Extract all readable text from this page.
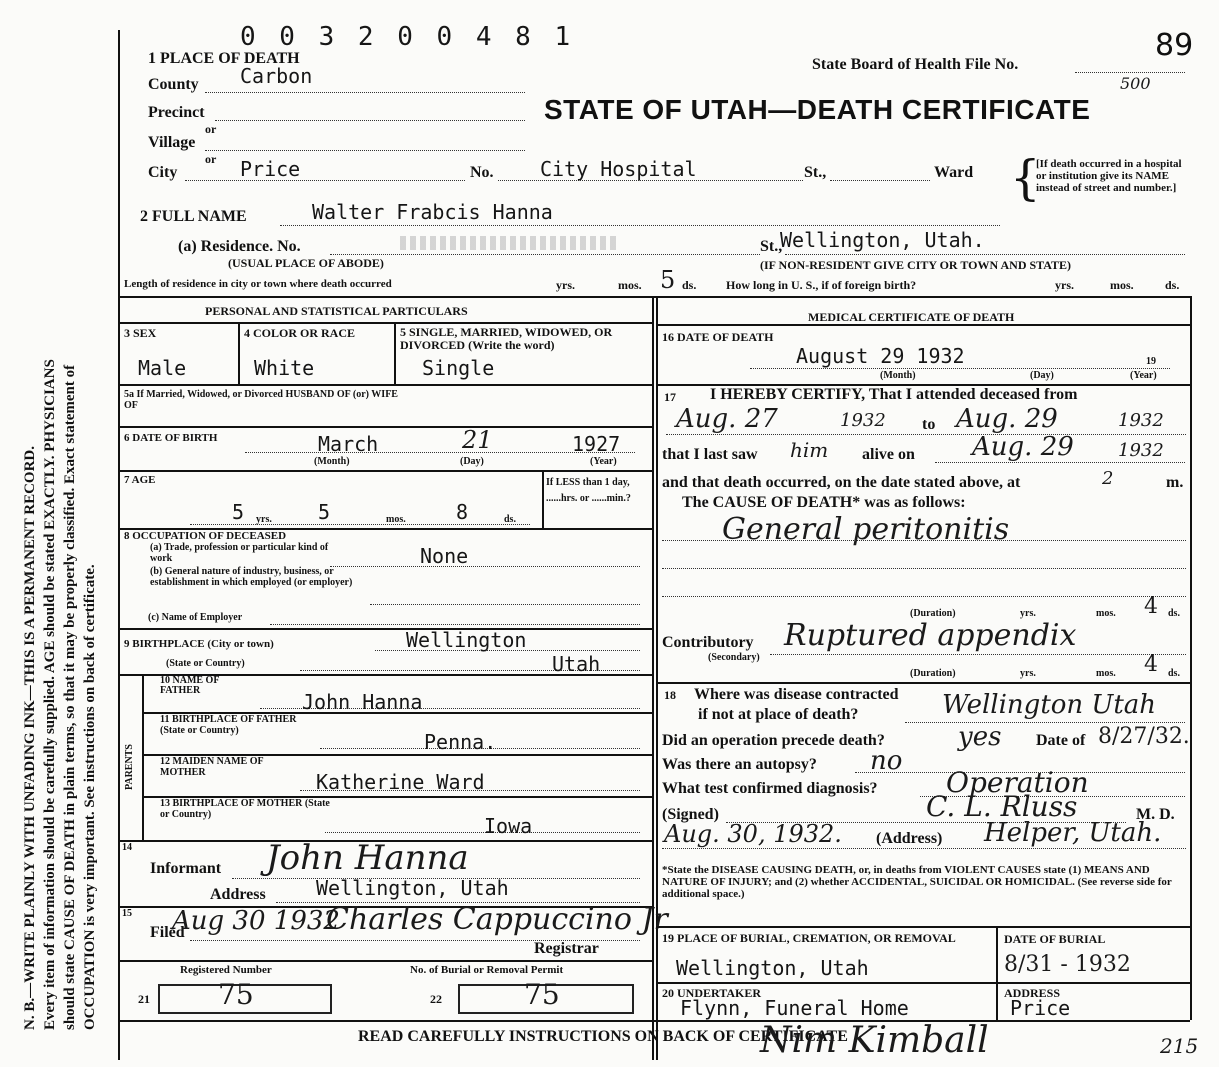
N. B.—WRITE PLAINLY WITH UNFADING INK—THIS IS A PERMANENT RECORD. Every item of information should be carefully supplied. AGE should be stated EXACTLY. PHYSICIANS should state CAUSE OF DEATH in plain terms, so that it may be properly classified. Exact statement of OCCUPATION is very important. See instructions on back of certificate.
0 0 3 2 0 0 4 8 1	89
State Board of Health File No.
500
STATE OF UTAH—DEATH CERTIFICATE
1 PLACE OF DEATH
County Carbon
Precinct
or
Village
or
City	Price	No. City Hospital	St.,	Ward {
[If death occurred in a hospital or institution give its NAME instead of street and number.]
2 FULL NAME	Walter Frabcis Hanna
(a) Residence. No.
(USUAL PLACE OF ABODE)
St.,
Wellington, Utah.
(IF NON-RESIDENT GIVE CITY OR TOWN AND STATE)
Length of residence in city or town where death occurred	yrs.	mos. 5 ds. How long in U. S., if of foreign birth?	yrs.	mos.	ds.
PERSONAL AND STATISTICAL PARTICULARS
3 SEX
Male
4 COLOR OR RACE
White
5 SINGLE, MARRIED, WIDOWED, OR DIVORCED (Write the word)
Single
5a If Married, Widowed, or Divorced HUSBAND OF (or) WIFE OF
6 DATE OF BIRTH	March	21	1927
(Month)	(Day)	(Year)
7 AGE
5 yrs. 5	mos.	8	ds.
If LESS than 1 day, ......hrs. or ......min.?
8 OCCUPATION OF DECEASED
(a) Trade, profession or particular kind of work
(b) General nature of industry, business, or establishment in which employed (or employer)
None
(c) Name of Employer
9 BIRTHPLACE (City or town)	Wellington
(State or Country)	Utah
PARENTS
10 NAME OF FATHER	John Hanna
11 BIRTHPLACE OF FATHER (State or Country)	Penna.
12 MAIDEN NAME OF MOTHER	Katherine Ward
13 BIRTHPLACE OF MOTHER (State or Country)	Iowa
14
Informant John Hanna
Address	Wellington, Utah
15
Filed
Aug 30 1932
Charles Cappuccino Jr
Registrar
Registered Number	No. of Burial or Removal Permit
21 75	22	75
MEDICAL CERTIFICATE OF DEATH
16 DATE OF DEATH
August 29 1932	19
(Month)	(Day)	(Year)
17 I HEREBY CERTIFY, That I attended deceased from
Aug. 27	1932 to Aug. 29	1932
that I last saw him alive on Aug. 29 1932
and that death occurred, on the date stated above, at	2	m.
The CAUSE OF DEATH* was as follows:
General peritonitis
(Duration)	yrs.	mos. 4 ds.
Contributory
(Secondary)
Ruptured appendix
(Duration)	yrs.	mos. 4 ds.
18 Where was disease contracted
if not at place of death?	Wellington Utah
Did an operation precede death?	yes Date of 8/27/32.
Was there an autopsy? no
What test confirmed diagnosis? Operation
(Signed)	C. L. Rluss	M. D.
Aug. 30, 1932. (Address) Helper, Utah.
*State the DISEASE CAUSING DEATH, or, in deaths from VIOLENT CAUSES state (1) MEANS AND NATURE OF INJURY; and (2) whether ACCIDENTAL, SUICIDAL OR HOMICIDAL. (See reverse side for additional space.)
19 PLACE OF BURIAL, CREMATION, OR REMOVAL	DATE OF BURIAL
Wellington, Utah	8/31 - 1932
20 UNDERTAKER
Flynn, Funeral Home
ADDRESS
Price
READ CAREFULLY INSTRUCTIONS ON BACK OF CERTIFICATE
Nim Kimball	215
